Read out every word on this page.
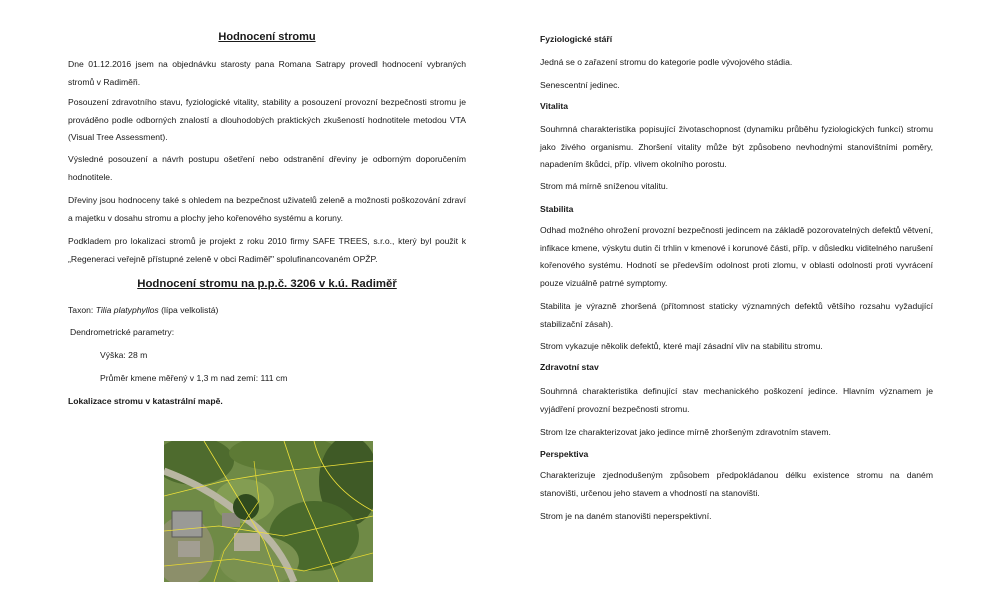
Hodnocení stromu

Dne 01.12.2016 jsem na objednávku starosty pana Romana Satrapy provedl hodnocení vybraných stromů v Radiměři.

Posouzení zdravotního stavu, fyziologické vitality, stability a posouzení provozní bezpečnosti stromu je prováděno podle odborných znalostí a dlouhodobých praktických zkušeností hodnotitele metodou VTA (Visual Tree Assessment).

Výsledné posouzení a návrh postupu ošetření nebo odstranění dřeviny je odborným doporučením hodnotitele.

Dřeviny jsou hodnoceny také s ohledem na bezpečnost uživatelů zeleně a možnosti poškozování zdraví a majetku v dosahu stromu a plochy jeho kořenového systému a koruny.

Podkladem pro lokalizaci stromů je projekt z roku 2010 firmy SAFE TREES, s.r.o., který byl použit k „Regeneraci veřejně přístupné zeleně v obci Radiměř" spolufinancovaném OPŽP.

Hodnocení stromu na p.p.č. 3206 v k.ú. Radiměř
Taxon: Tilia platyphyllos (lípa velkolistá)
Dendrometrické parametry:
Výška: 28 m
Průměr kmene měřený v 1,3 m nad zemí: 111 cm
Lokalizace stromu v katastrální mapě.
Fyziologické stáří

Jedná se o zařazení stromu do kategorie podle vývojového stádia.

Senescentní jedinec.

Vitalita

Souhrnná charakteristika popisující životaschopnost (dynamiku průběhu fyziologických funkcí) stromu jako živého organismu. Zhoršení vitality může být způsobeno nevhodnými stanovištními poměry, napadením škůdci, příp. vlivem okolního porostu.

Strom má mírně sníženou vitalitu.

Stabilita

Odhad možného ohrožení provozní bezpečnosti jedincem na základě pozorovatelných defektů větvení, infikace kmene, výskytu dutin či trhlin v kmenové i korunové části, příp. v důsledku viditelného narušení kořenového systému. Hodnotí se především odolnost proti zlomu, v oblasti odolnosti proti vyvrácení pouze vizuálně patrné symptomy.

Stabilita je výrazně zhoršená (přítomnost staticky významných defektů většího rozsahu vyžadující stabilizační zásah).

Strom vykazuje několik defektů, které mají zásadní vliv na stabilitu stromu.

Zdravotní stav

Souhrnná charakteristika definující stav mechanického poškození jedince. Hlavním významem je vyjádření provozní bezpečnosti stromu.

Strom lze charakterizovat jako jedince mírně zhoršeným zdravotním stavem.

Perspektiva

Charakterizuje zjednodušeným způsobem předpokládanou délku existence stromu na daném stanovišti, určenou jeho stavem a vhodností na stanovišti.

Strom je na daném stanovišti neperspektivní.
